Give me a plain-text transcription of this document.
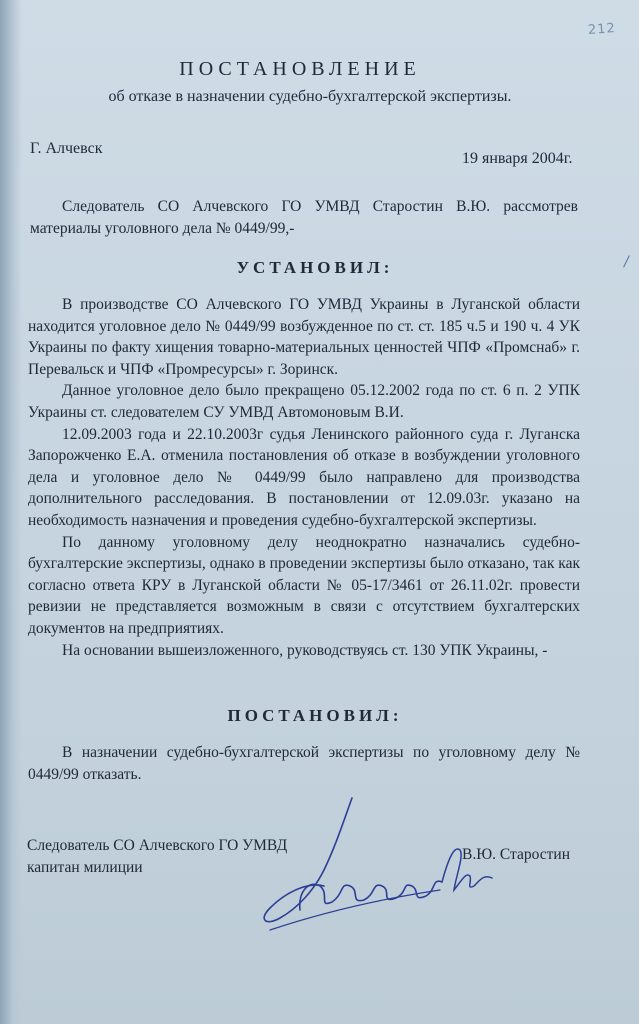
212
/
ПОСТАНОВЛЕНИЕ

об отказе в назначении судебно-бухгалтерской экспертизы.

Г. Алчевск
19 января 2004г.
Следователь СО Алчевского ГО УМВД Старостин В.Ю. рассмотрев материалы уголовного дела № 0449/99,-
УСТАНОВИЛ:

В производстве СО Алчевского ГО УМВД Украины в Луганской области находится уголовное дело № 0449/99 возбужденное по ст. ст. 185 ч.5 и 190 ч. 4 УК Украины по факту хищения товарно-материальных ценностей ЧПФ «Промснаб» г. Перевальск и ЧПФ «Промресурсы» г. Зоринск.

Данное уголовное дело было прекращено 05.12.2002 года по ст. 6 п. 2 УПК Украины ст. следователем СУ УМВД Автомоновым В.И.

12.09.2003 года и 22.10.2003г судья Ленинского районного суда г. Луганска Запорожченко Е.А. отменила постановления об отказе в возбуждении уголовного дела и уголовное дело № 0449/99 было направлено для производства дополнительного расследования. В постановлении от 12.09.03г. указано на необходимость назначения и проведения судебно-бухгалтерской экспертизы.

По данному уголовному делу неоднократно назначались судебно-бухгалтерские экспертизы, однако в проведении экспертизы было отказано, так как согласно ответа КРУ в Луганской области № 05-17/3461 от 26.11.02г. провести ревизии не представляется возможным в связи с отсутствием бухгалтерских документов на предприятиях.

На основании вышеизложенного, руководствуясь ст. 130 УПК Украины, -

ПОСТАНОВИЛ:

В назначении судебно-бухгалтерской экспертизы по уголовному делу № 0449/99 отказать.

Следователь СО Алчевского ГО УМВД
капитан милиции
В.Ю. Старостин
